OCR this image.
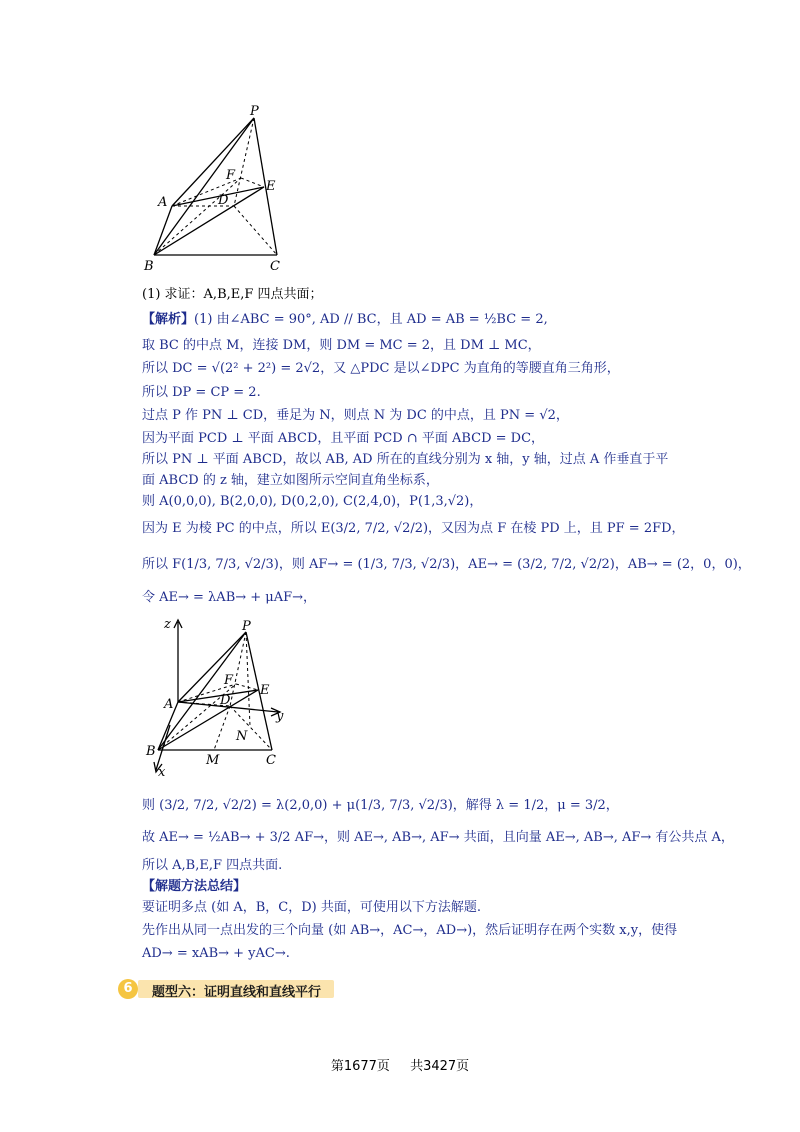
P
A
B	C
D
E
F
(1) 求证：A,B,E,F 四点共面；
【解析】(1) 由∠ABC = 90°, AD // BC，且 AD = AB = ½BC = 2,
取 BC 的中点 M，连接 DM，则 DM = MC = 2，且 DM ⊥ MC，
所以 DC = √(2² + 2²) = 2√2，又 △PDC 是以∠DPC 为直角的等腰直角三角形，
所以 DP = CP = 2.
过点 P 作 PN ⊥ CD，垂足为 N，则点 N 为 DC 的中点，且 PN = √2，
因为平面 PCD ⊥ 平面 ABCD，且平面 PCD ∩ 平面 ABCD = DC，
所以 PN ⊥ 平面 ABCD，故以 AB, AD 所在的直线分别为 x 轴，y 轴，过点 A 作垂直于平
面 ABCD 的 z 轴，建立如图所示空间直角坐标系，
则 A(0,0,0), B(2,0,0), D(0,2,0), C(2,4,0)，P(1,3,√2)，
因为 E 为棱 PC 的中点，所以 E(3/2, 7/2, √2/2)，又因为点 F 在棱 PD 上，且 PF = 2FD，
所以 F(1/3, 7/3, √2/3)，则 AF→ = (1/3, 7/3, √2/3)，AE→ = (3/2, 7/2, √2/2)，AB→ = (2，0，0)，
令 AE→ = λAB→ + μAF→，
z	P
A
B
C
D
E
F
M
N
y
x
则 (3/2, 7/2, √2/2) = λ(2,0,0) + μ(1/3, 7/3, √2/3)，解得 λ = 1/2，μ = 3/2，
故 AE→ = ½AB→ + 3/2 AF→，则 AE→, AB→, AF→ 共面，且向量 AE→, AB→, AF→ 有公共点 A，
所以 A,B,E,F 四点共面.
【解题方法总结】
要证明多点 (如 A，B，C，D) 共面，可使用以下方法解题.
先作出从同一点出发的三个向量 (如 AB→，AC→，AD→)，然后证明存在两个实数 x,y，使得
AD→ = xAB→ + yAC→.
6	题型六：证明直线和直线平行
第1677页 共3427页
